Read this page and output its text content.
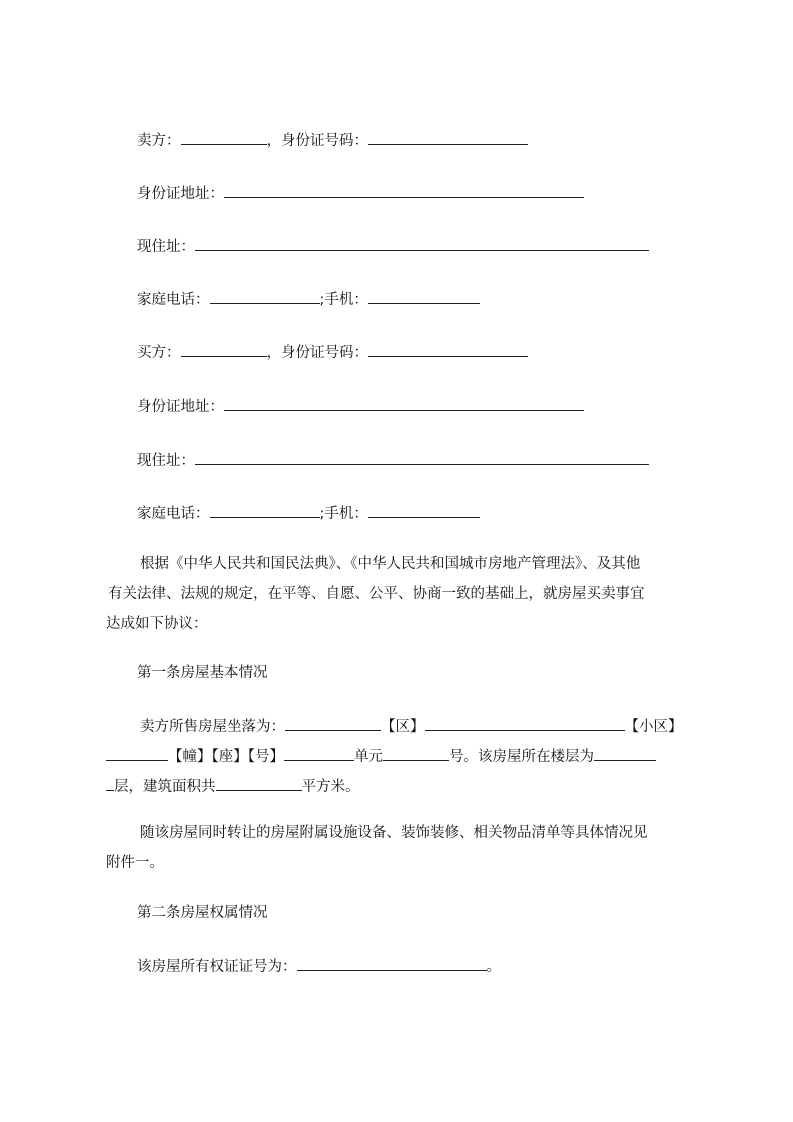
卖方：	，身份证号码：
身份证地址：
现住址：
家庭电话：	;手机：
买方：	，身份证号码：
身份证地址：
现住址：
家庭电话：	;手机：
根据《中华人民共和国民法典》、《中华人民共和国城市房地产管理法》、及其他
有关法律、法规的规定，在平等、自愿、公平、协商一致的基础上，就房屋买卖事宜
达成如下协议：
第一条房屋基本情况
卖方所售房屋坐落为：	【区】	【小区】
【幢】【座】【号】	单元	号。该房屋所在楼层为
层，建筑面积共	平方米。
随该房屋同时转让的房屋附属设施设备、装饰装修、相关物品清单等具体情况见
附件一。
第二条房屋权属情况
该房屋所有权证证号为：	。
